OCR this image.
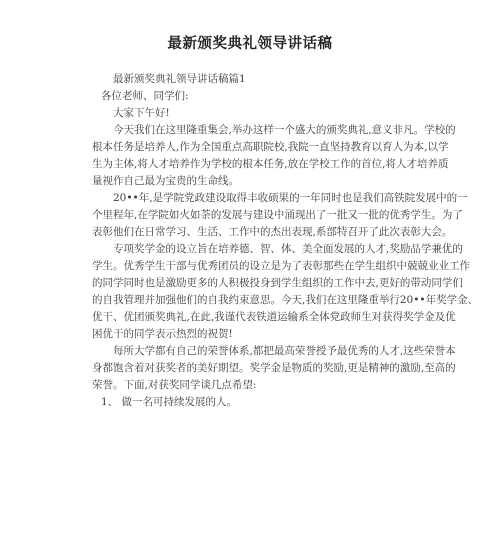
最新颁奖典礼领导讲话稿
最新颁奖典礼领导讲话稿篇1
各位老师、同学们:
大家下午好!
今天我们在这里隆重集会,举办这样一个盛大的颁奖典礼,意义非凡。学校的
根本任务是培养人,作为全国重点高职院校,我院一直坚持教育以育人为本,以学
生为主体,将人才培养作为学校的根本任务,放在学校工作的首位,将人才培养质
量视作自己最为宝贵的生命线。
20••年,是学院党政建设取得丰收硕果的一年同时也是我们高铁院发展中的一
个里程年,在学院如火如荼的发展与建设中涌现出了一批又一批的优秀学生。为了
表彰他们在日常学习、生活、工作中的杰出表现,系部特召开了此次表彰大会。
专项奖学金的设立旨在培养德、智、体、美全面发展的人才,奖励品学兼优的
学生。优秀学生干部与优秀团员的设立是为了表彰那些在学生组织中兢兢业业工作
的同学同时也是激励更多的人积极投身到学生组织的工作中去,更好的带动同学们
的自我管理并加强他们的自我约束意思。今天,我们在这里隆重举行20••年奖学金、
优干、优团颁奖典礼,在此,我谨代表铁道运输系全体党政师生对获得奖学金及优
困优干的同学表示热烈的祝贺!
每所大学都有自己的荣誉体系,都把最高荣誉授予最优秀的人才,这些荣誉本
身都饱含着对获奖者的美好期望。奖学金是物质的奖励,更是精神的激励,至高的
荣誉。下面,对获奖同学谈几点希望:
1、 做一名可持续发展的人。
